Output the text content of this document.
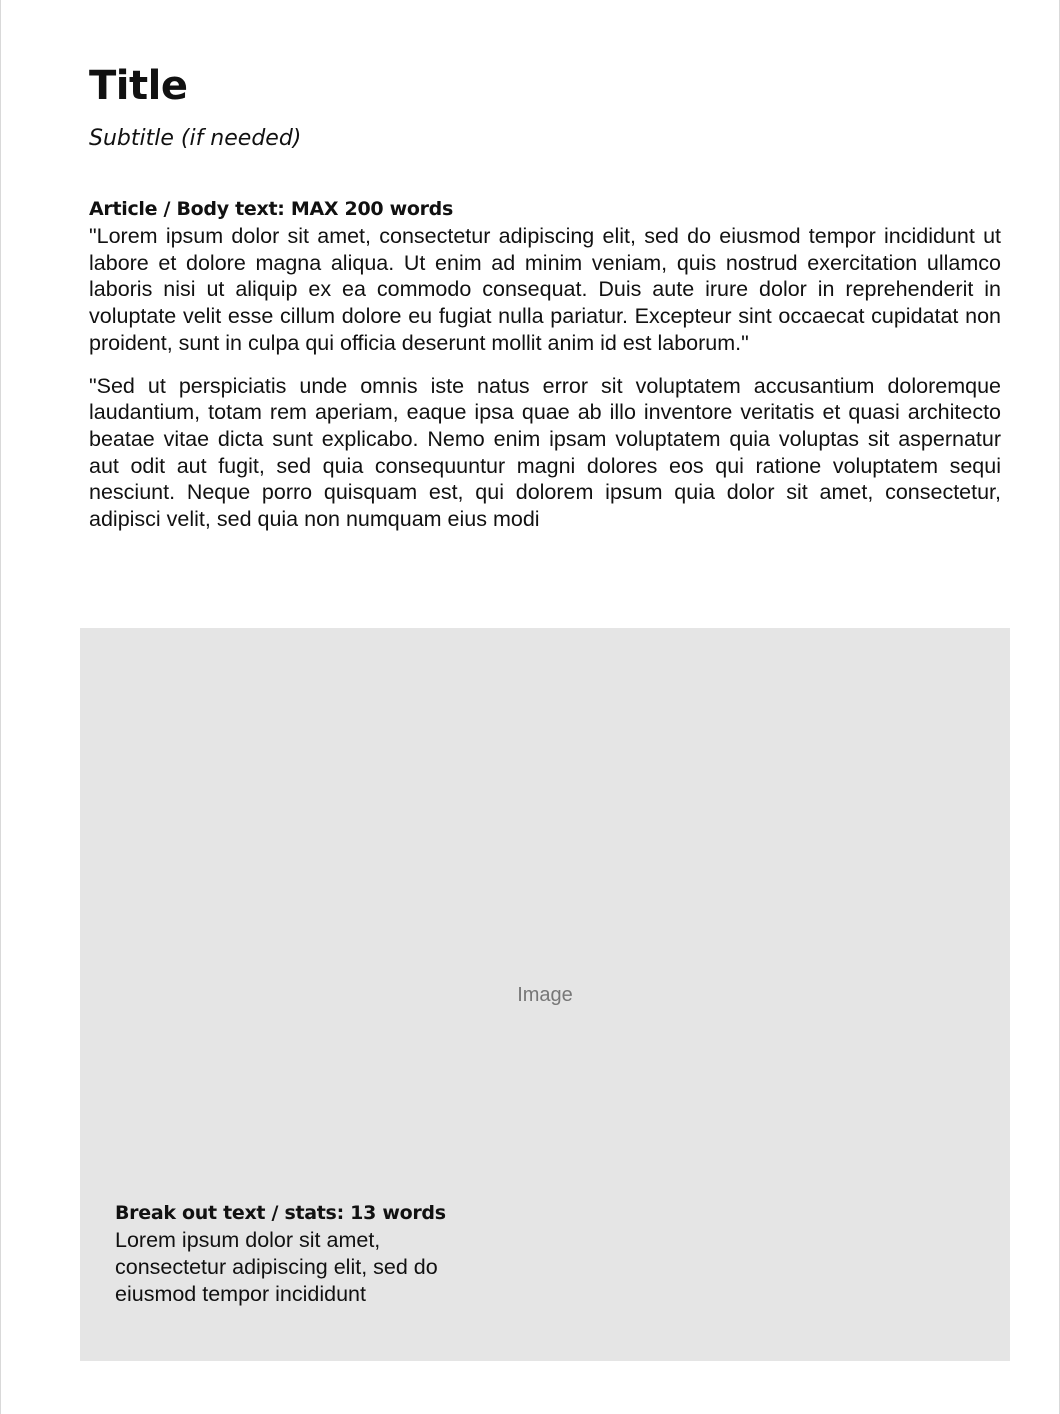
Title

Subtitle (if needed)

Article / Body text: MAX 200 words

"Lorem ipsum dolor sit amet, consectetur adipiscing elit, sed do eiusmod tempor incididunt ut labore et dolore magna aliqua. Ut enim ad minim veniam, quis nostrud exercitation ullamco laboris nisi ut aliquip ex ea commodo consequat. Duis aute irure dolor in reprehenderit in voluptate velit esse cillum dolore eu fugiat nulla pariatur. Excepteur sint occaecat cupidatat non proident, sunt in culpa qui officia deserunt mollit anim id est laborum."

"Sed ut perspiciatis unde omnis iste natus error sit voluptatem accusantium doloremque laudantium, totam rem aperiam, eaque ipsa quae ab illo inventore veritatis et quasi architecto beatae vitae dicta sunt explicabo. Nemo enim ipsam voluptatem quia voluptas sit aspernatur aut odit aut fugit, sed quia consequuntur magni dolores eos qui ratione voluptatem sequi nesciunt. Neque porro quisquam est, qui dolorem ipsum quia dolor sit amet, consectetur, adipisci velit, sed quia non numquam eius modi

Image

Break out text / stats: 13 words

Lorem ipsum dolor sit amet, consectetur adipiscing elit, sed do eiusmod tempor incididunt
